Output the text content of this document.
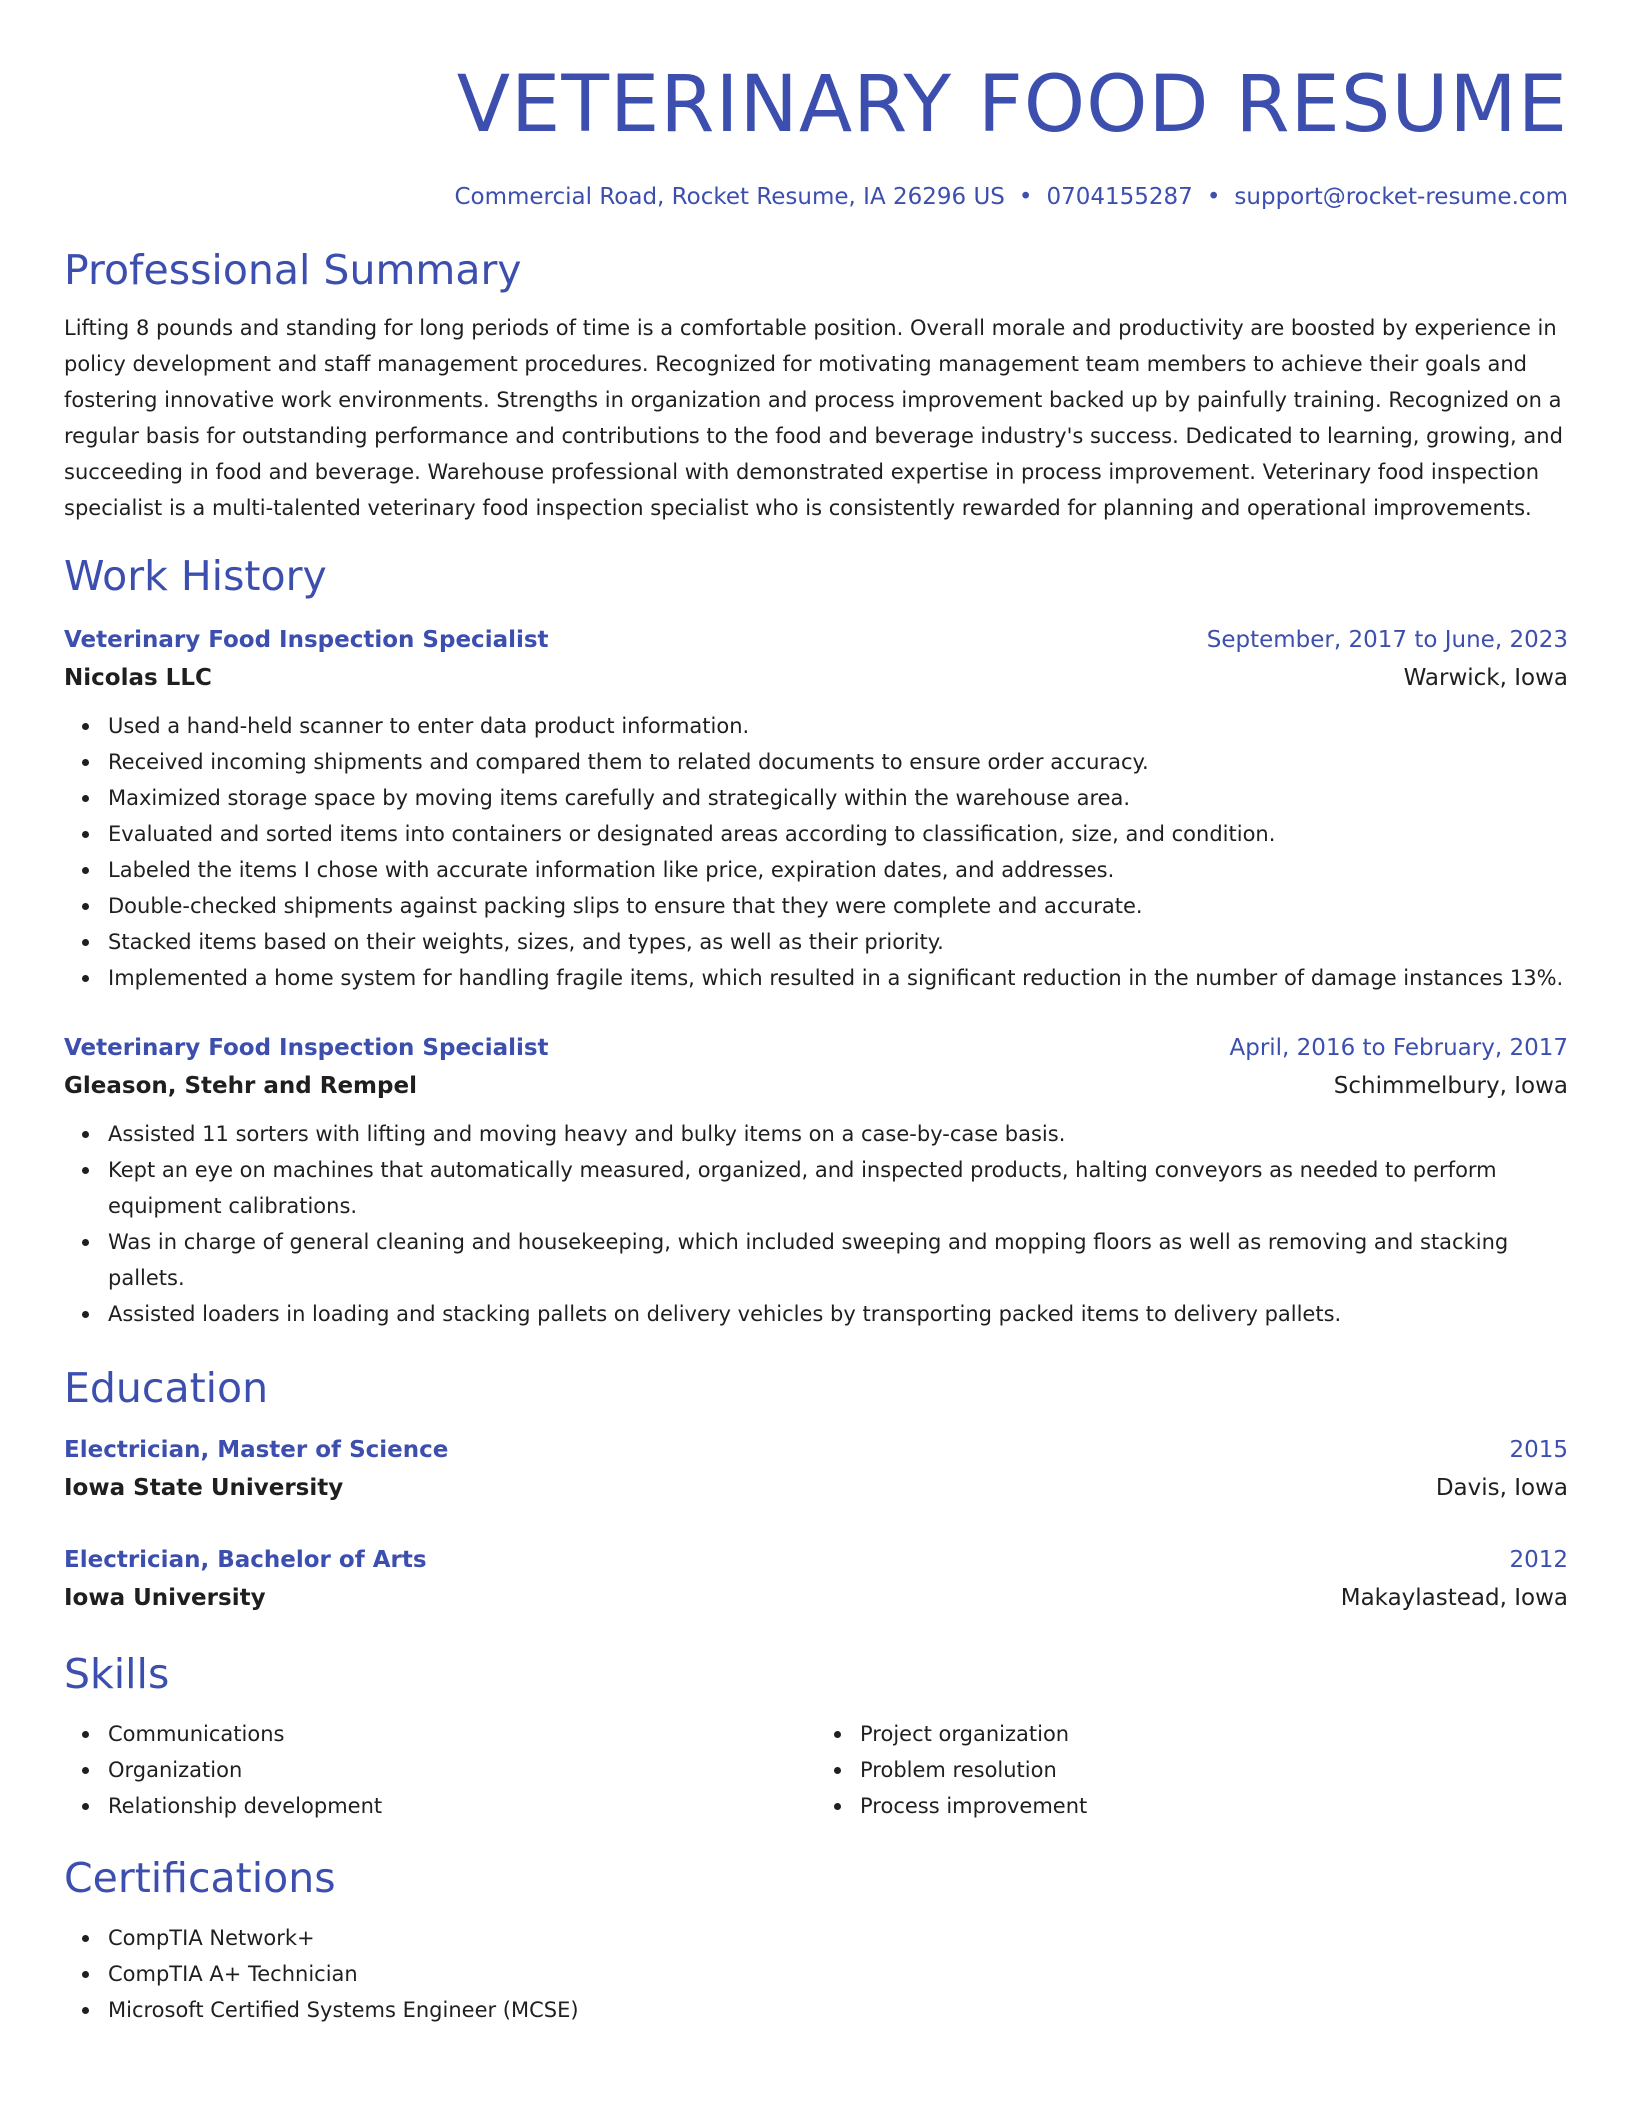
VETERINARY FOOD RESUME
Commercial Road, Rocket Resume, IA 26296 US • 0704155287 • support@rocket-resume.com
Professional Summary
Lifting 8 pounds and standing for long periods of time is a comfortable position. Overall morale and productivity are boosted by experience in policy development and staff management procedures. Recognized for motivating management team members to achieve their goals and fostering innovative work environments. Strengths in organization and process improvement backed up by painfully training. Recognized on a regular basis for outstanding performance and contributions to the food and beverage industry's success. Dedicated to learning, growing, and succeeding in food and beverage. Warehouse professional with demonstrated expertise in process improvement. Veterinary food inspection specialist is a multi-talented veterinary food inspection specialist who is consistently rewarded for planning and operational improvements.
Work History
Veterinary Food Inspection Specialist	September, 2017 to June, 2023
Nicolas LLC	Warwick, Iowa
Used a hand-held scanner to enter data product information.
Received incoming shipments and compared them to related documents to ensure order accuracy.
Maximized storage space by moving items carefully and strategically within the warehouse area.
Evaluated and sorted items into containers or designated areas according to classification, size, and condition.
Labeled the items I chose with accurate information like price, expiration dates, and addresses.
Double-checked shipments against packing slips to ensure that they were complete and accurate.
Stacked items based on their weights, sizes, and types, as well as their priority.
Implemented a home system for handling fragile items, which resulted in a significant reduction in the number of damage instances 13%.
Veterinary Food Inspection Specialist	April, 2016 to February, 2017
Gleason, Stehr and Rempel	Schimmelbury, Iowa
Assisted 11 sorters with lifting and moving heavy and bulky items on a case-by-case basis.
Kept an eye on machines that automatically measured, organized, and inspected products, halting conveyors as needed to perform equipment calibrations.
Was in charge of general cleaning and housekeeping, which included sweeping and mopping floors as well as removing and stacking pallets.
Assisted loaders in loading and stacking pallets on delivery vehicles by transporting packed items to delivery pallets.
Education
Electrician, Master of Science	2015
Iowa State University	Davis, Iowa
Electrician, Bachelor of Arts	2012
Iowa University	Makaylastead, Iowa
Skills
Communications
Organization
Relationship development
Project organization
Problem resolution
Process improvement
Certifications
CompTIA Network+
CompTIA A+ Technician
Microsoft Certified Systems Engineer (MCSE)
